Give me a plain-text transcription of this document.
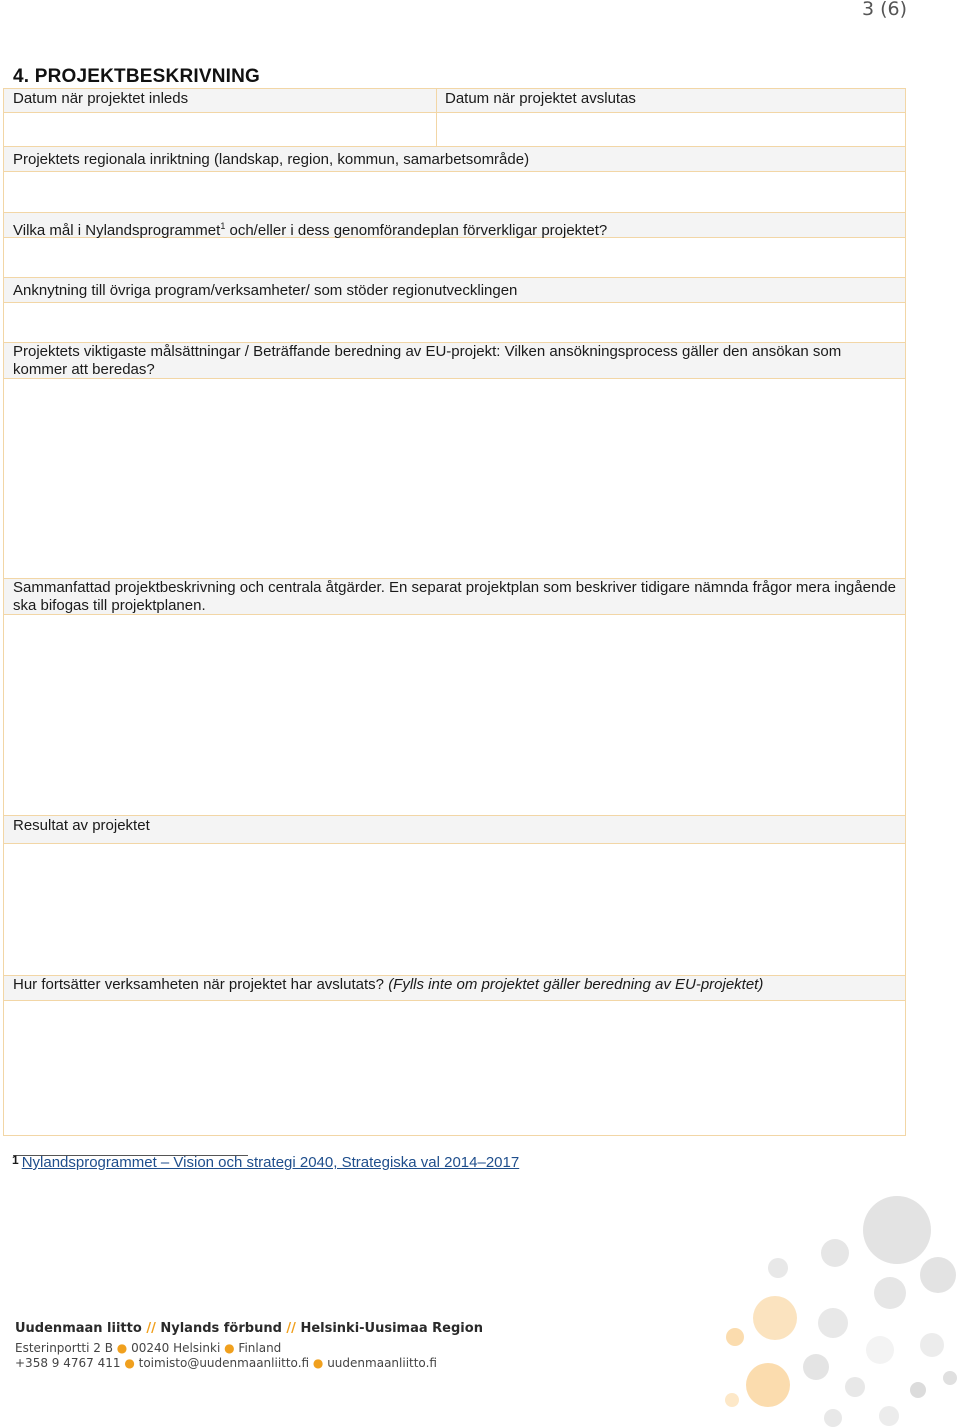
3 (6)
4. PROJEKTBESKRIVNING
Datum när projektet inleds	Datum när projektet avslutas
Projektets regionala inriktning (landskap, region, kommun, samarbetsområde)
Vilka mål i Nylandsprogrammet$^1$ och/eller i dess genomförandeplan förverkligar projektet?
Anknytning till övriga program/verksamheter/ som stöder regionutvecklingen
Projektets viktigaste målsättningar / Beträffande beredning av EU-projekt: Vilken ansökningsprocess gäller den ansökan som kommer att beredas?
Sammanfattad projektbeskrivning och centrala åtgärder. En separat projektplan som beskriver tidigare nämnda frågor mera ingående ska bifogas till projektplanen.
Resultat av projektet
Hur fortsätter verksamheten när projektet har avslutats? (Fylls inte om projektet gäller beredning av EU-projektet)
$^1$ Nylandsprogrammet – Vision och strategi 2040, Strategiska val 2014–2017
Uudenmaan liitto // Nylands förbund // Helsinki-Uusimaa Region
Esterinportti 2 B ● 00240 Helsinki ● Finland
+358 9 4767 411 ● toimisto@uudenmaanliitto.fi ● uudenmaanliitto.fi
